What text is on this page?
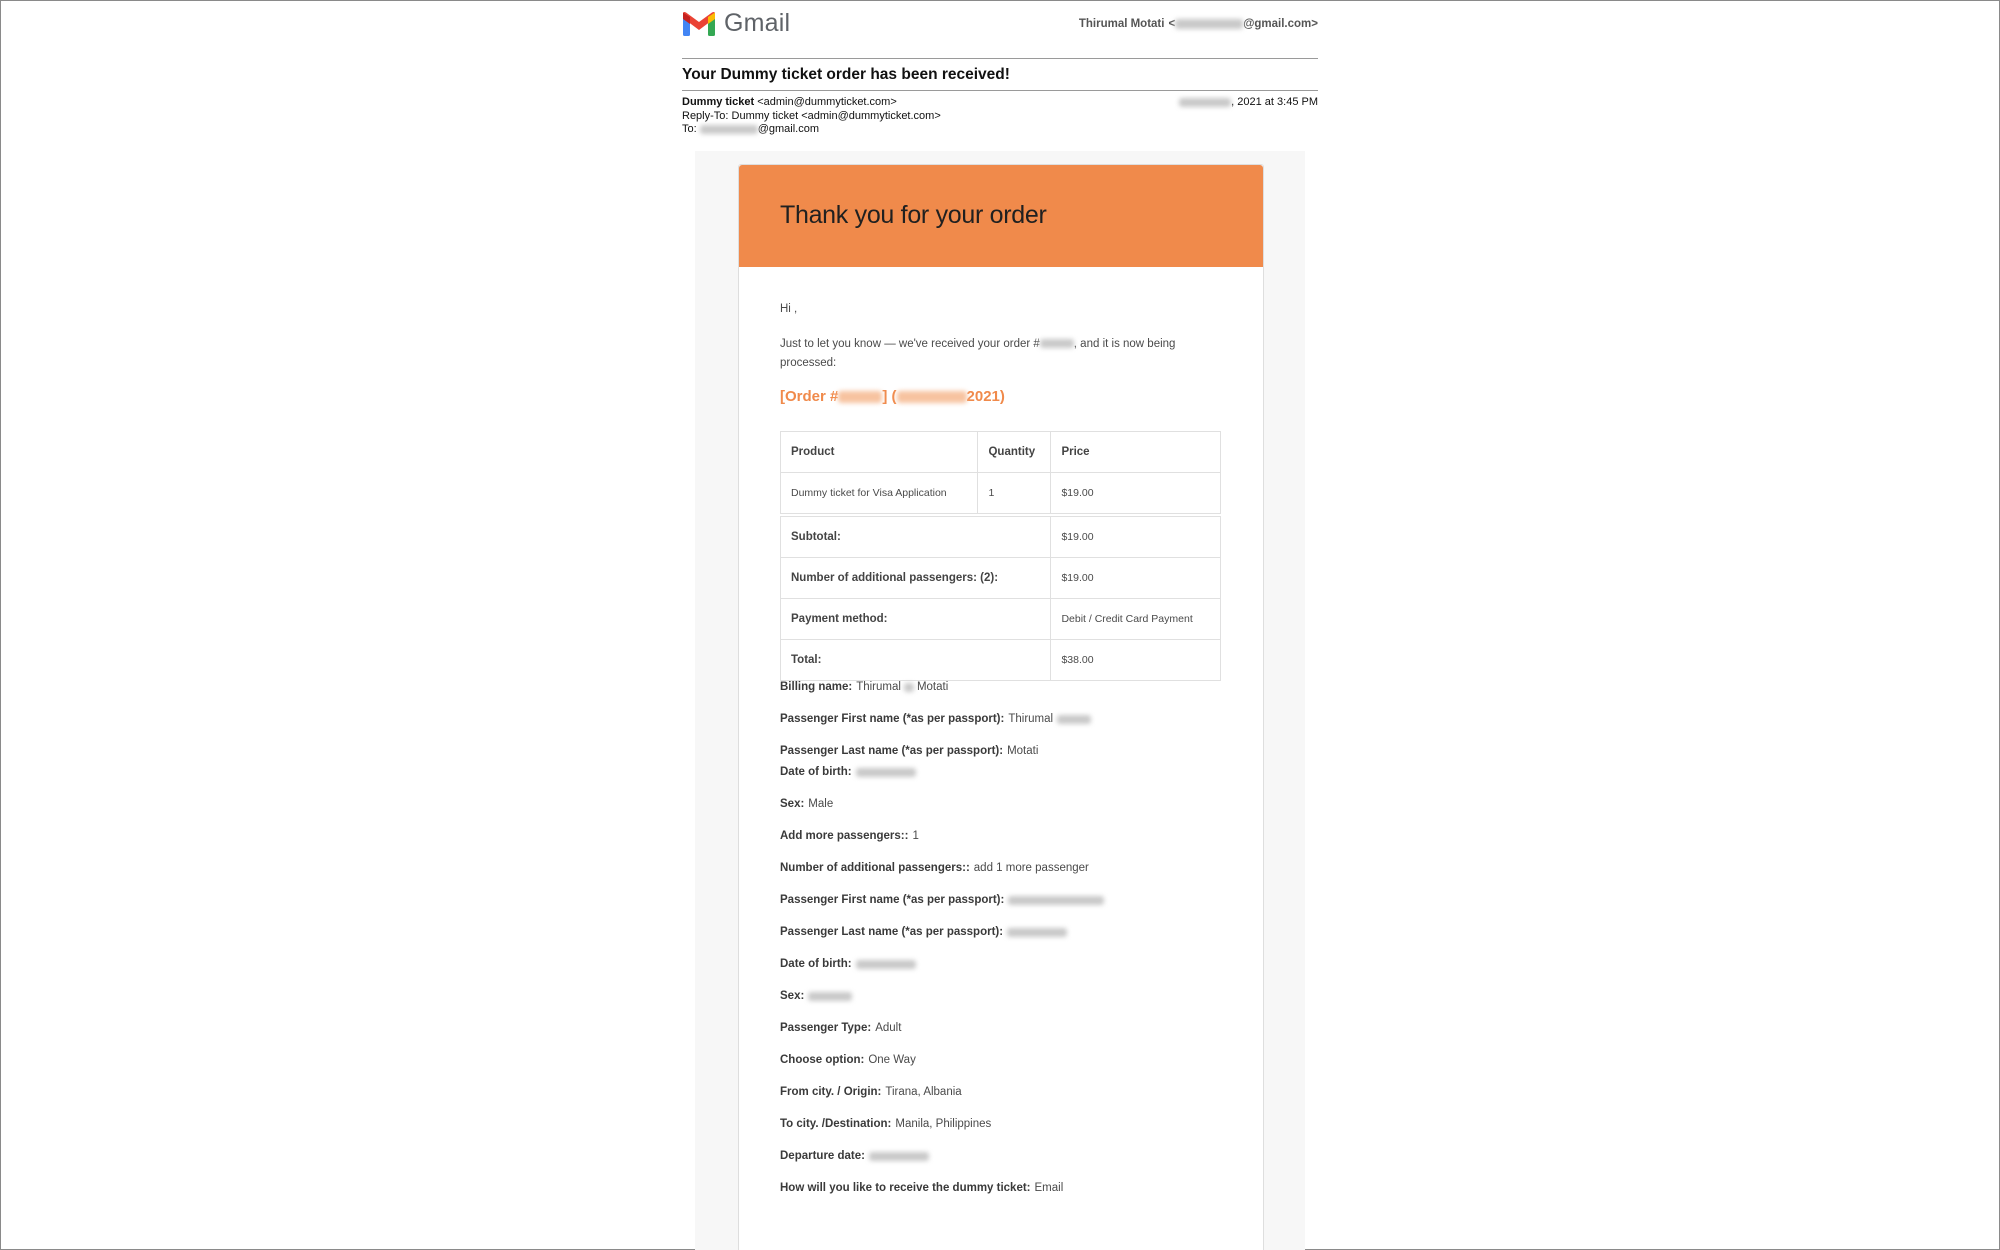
Gmail	Thirumal Motati <	@gmail.com>
Your Dummy ticket order has been received!
Dummy ticket <admin@dummyticket.com>
Reply-To: Dummy ticket <admin@dummyticket.com>
To:	@gmail.com
, 2021 at 3:45 PM
Thank you for your order
Hi ,
Just to let you know — we've received your order #	, and it is now being processed:
[Order #	] (	2021)
Product	Quantity	Price
Dummy ticket for Visa Application	1	$19.00
Subtotal:		$19.00
Number of additional passengers: (2):		$19.00
Payment method:		Debit / Credit Card Payment
Total:		$38.00
Billing name: Thirumal Motati
Passenger First name (*as per passport): Thirumal
Passenger Last name (*as per passport): Motati
Date of birth:
Sex: Male
Add more passengers:: 1
Number of additional passengers:: add 1 more passenger
Passenger First name (*as per passport):
Passenger Last name (*as per passport):
Date of birth:
Sex:
Passenger Type: Adult
Choose option: One Way
From city. / Origin: Tirana, Albania
To city. /Destination: Manila, Philippines
Departure date:
How will you like to receive the dummy ticket: Email
